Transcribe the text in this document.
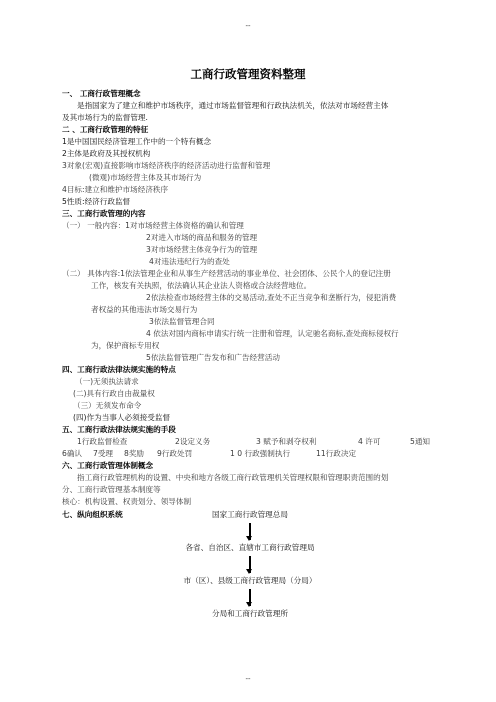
--
工商行政管理资料整理
一、 工商行政管理概念
是指国家为了建立和维护市场秩序，通过市场监督管理和行政执法机关，依法对市场经营主体
及其市场行为的监督管理.
二 、工商行政管理的特征
1是中国国民经济管理工作中的一个特有概念
2主体是政府及其授权机构
3对象(宏观)直接影响市场经济秩序的经济活动进行监督和管理
(微观)市场经营主体及其市场行为
4目标:建立和维护市场经济秩序
5性质:经济行政监督
三、工商行政管理的内容
（一） 一般内容：1对市场经营主体资格的确认和管理
2对进入市场的商品和服务的管理
3对市场经营主体竞争行为的管理
4对违法违纪行为的查处
（二） 具体内容:1依法管理企业和从事生产经营活动的事业单位、社会团体、公民个人的登记注册
工作，核发有关执照，依法确认其企业法人资格或合法经营地位。
2依法检查市场经营主体的交易活动,查处不正当竞争和垄断行为，侵犯消费
者权益的其他违法市场交易行为
3依法监督管理合同
4 依法对国内商标申请实行统一注册和管理，认定驰名商标,查处商标侵权行
为，保护商标专用权
5依法监督管理广告发布和广告经营活动
四、工商行政法律法规实施的特点
（一)无须执法请求
(二)具有行政自由裁量权
（三）无须发布命令
(四)作为当事人必须接受监督
五、工商行政法律法规实施的手段
1行政监督检查	2设定义务	3 赋予和剥夺权利	4 许可	5通知
6确认 7受理 8奖励 9行政处罚	1 0 行政强制执行	11行政决定
六、工商行政管理体制概念
指工商行政管理机构的设置、中央和地方各级工商行政管理机关管理权限和管理职责范围的划
分、工商行政管理基本制度等
核心：机构设置、权责划分、领导体制
七、纵向组织系统	国家工商行政管理总局
各省、自治区、直辖市工商行政管理局
市（区）、县级工商行政管理局（分局）
分局和工商行政管理所
--
